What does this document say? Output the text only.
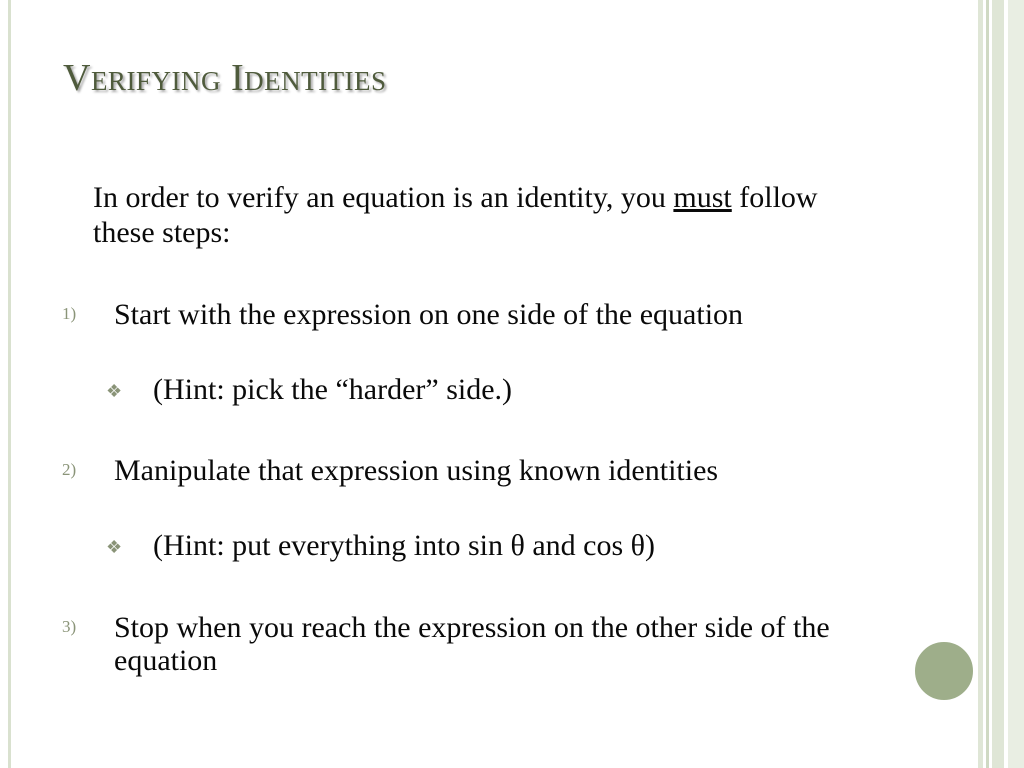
Verifying Identities

In order to verify an equation is an identity, you must follow these steps:

1)	Start with the expression on one side of the equation
❖ (Hint: pick the “harder” side.)
2)	Manipulate that expression using known identities
❖ (Hint: put everything into sin θ and cos θ)
3)	Stop when you reach the expression on the other side of the equation
